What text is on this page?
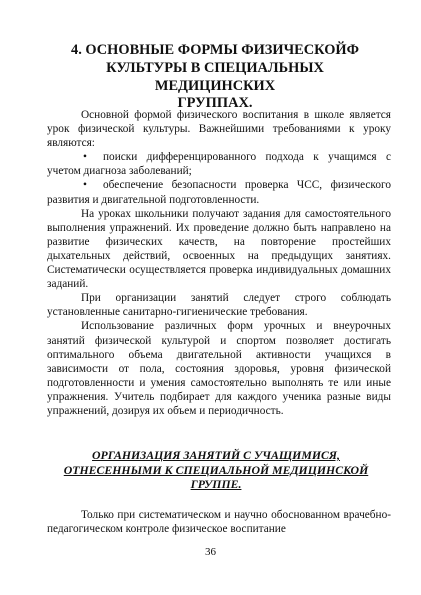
4. ОСНОВНЫЕ ФОРМЫ ФИЗИЧЕСКОЙФ
КУЛЬТУРЫ В СПЕЦИАЛЬНЫХ МЕДИЦИНСКИХ
ГРУППАХ.

Основной формой физического воспитания в школе является урок физической культуры. Важнейшими требованиями к уроку являются:

• поиски дифференцированного подхода к учащимся с учетом диагноза заболеваний;

• обеспечение безопасности проверка ЧСС, физического развития и двигательной подготовленности.

На уроках школьники получают задания для самостоятельного выполнения упражнений. Их проведение должно быть направлено на развитие физических качеств, на повторение простейших дыхательных действий, освоенных на предыдущих занятиях. Систематически осуществляется проверка индивидуальных домашних заданий.

При организации занятий следует строго соблюдать установленные санитарно-гигиенические требования.

Использование различных форм урочных и внеурочных занятий физической культурой и спортом позволяет достигать оптимального объема двигательной активности учащихся в зависимости от пола, состояния здоровья, уровня физической подготовленности и умения самостоятельно выполнять те или иные упражнения. Учитель подбирает для каждого ученика разные виды упражнений, дозируя их объем и периодичность.

ОРГАНИЗАЦИЯ ЗАНЯТИЙ С УЧАЩИМИСЯ,
ОТНЕСЕННЫМИ К СПЕЦИАЛЬНОЙ МЕДИЦИНСКОЙ
ГРУППЕ.

Только при систематическом и научно обоснованном врачебно-педагогическом контроле физическое воспитание

36
